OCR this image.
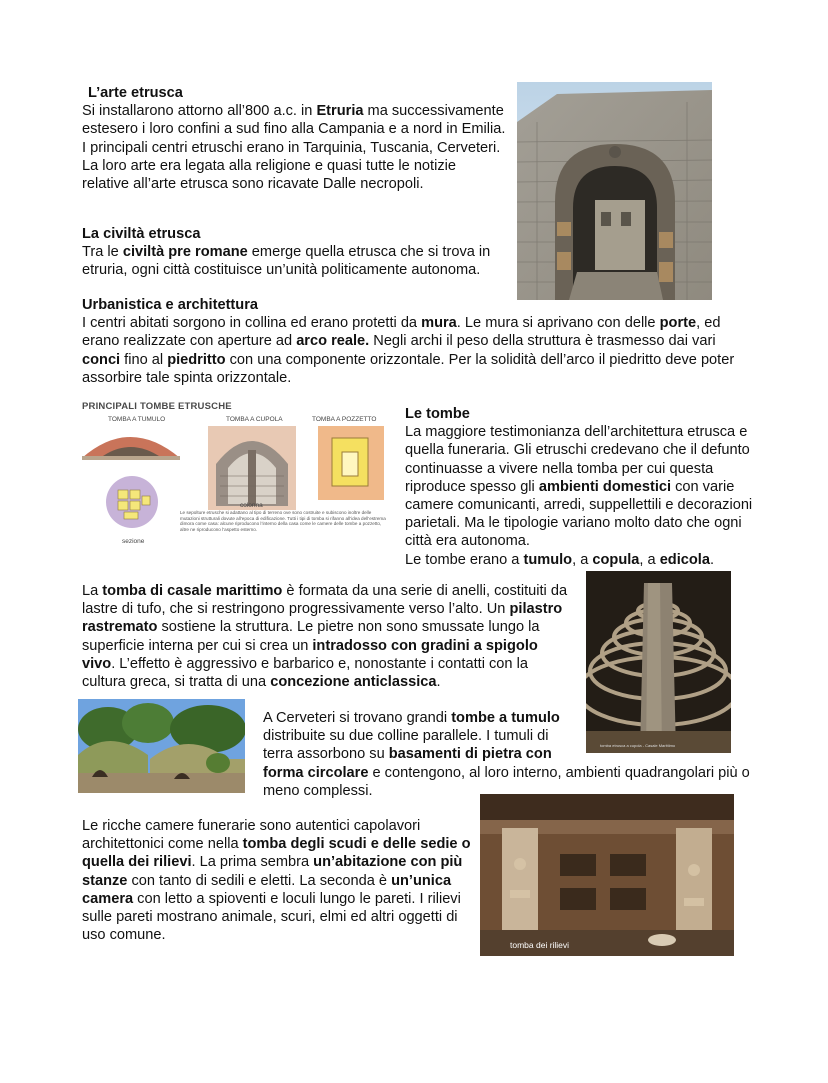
L’arte etrusca
Si installarono attorno all’800 a.c. in Etruria ma successivamente estesero i loro confini a sud fino alla Campania e a nord in Emilia. I principali centri etruschi erano in Tarquinia, Tuscania, Cerveteri. La loro arte era legata alla religione e quasi tutte le notizie relative all’arte etrusca sono ricavate Dalle necropoli.
La civiltà etrusca
Tra le civiltà pre romane emerge quella etrusca che si trova in etruria, ogni città costituisce un’unità politicamente autonoma.
Urbanistica e architettura
I centri abitati sorgono in collina ed erano protetti da mura. Le mura si aprivano con delle porte, ed erano realizzate con aperture ad arco reale. Negli archi il peso della struttura è trasmesso dai vari conci fino al piedritto con una componente orizzontale. Per la solidità dell’arco il piedritto deve poter assorbire tale spinta orizzontale.
PRINCIPALI TOMBE ETRUSCHE
TOMBA A TUMULO	TOMBA A CUPOLA	TOMBA A POZZETTO
colonna
sezione
Le sepolture etrusche si adattano al tipo di terreno ove sono costruite e subiscono inoltre delle mutazioni strutturali dovute all’epoca di edificazione. Tutti i tipi di tomba si rifanno all’idea dell’estrema dimora come casa: alcune riproducono l’interno della casa come le camere delle tombe a pozzetto, altre ne riproducono l’aspetto esterno.
Le tombe
La maggiore testimonianza dell’architettura etrusca e quella funeraria. Gli etruschi credevano che il defunto continuasse a vivere nella tomba per cui questa riproduce spesso gli ambienti domestici con varie camere comunicanti, arredi, suppellettili e decorazioni parietali. Ma le tipologie variano molto dato che ogni città era autonoma.
Le tombe erano a tumulo, a copula, a edicola.
La tomba di casale marittimo è formata da una serie di anelli, costituiti da lastre di tufo, che si restringono progressivamente verso l’alto. Un pilastro rastremato sostiene la struttura. Le pietre non sono smussate lungo la superficie interna per cui si crea un intradosso con gradini a spigolo vivo. L’effetto è aggressivo e barbarico e, nonostante i contatti con la cultura greca, si tratta di una concezione anticlassica.
tomba etrusca a cupola - Casale Marittimo
A Cerveteri si trovano grandi tombe a tumulo distribuite su due colline parallele. I tumuli di terra assorbono su basamenti di pietra con
forma circolare e contengono, al loro interno, ambienti quadrangolari più o meno complessi.
Le ricche camere funerarie sono autentici capolavori architettonici come nella tomba degli scudi e delle sedie o quella dei rilievi. La prima sembra un’abitazione con più stanze con tanto di sedili e eletti. La seconda è un’unica camera con letto a spioventi e loculi lungo le pareti. I rilievi sulle pareti mostrano animale, scuri, elmi ed altri oggetti di uso comune.
tomba dei rilievi
